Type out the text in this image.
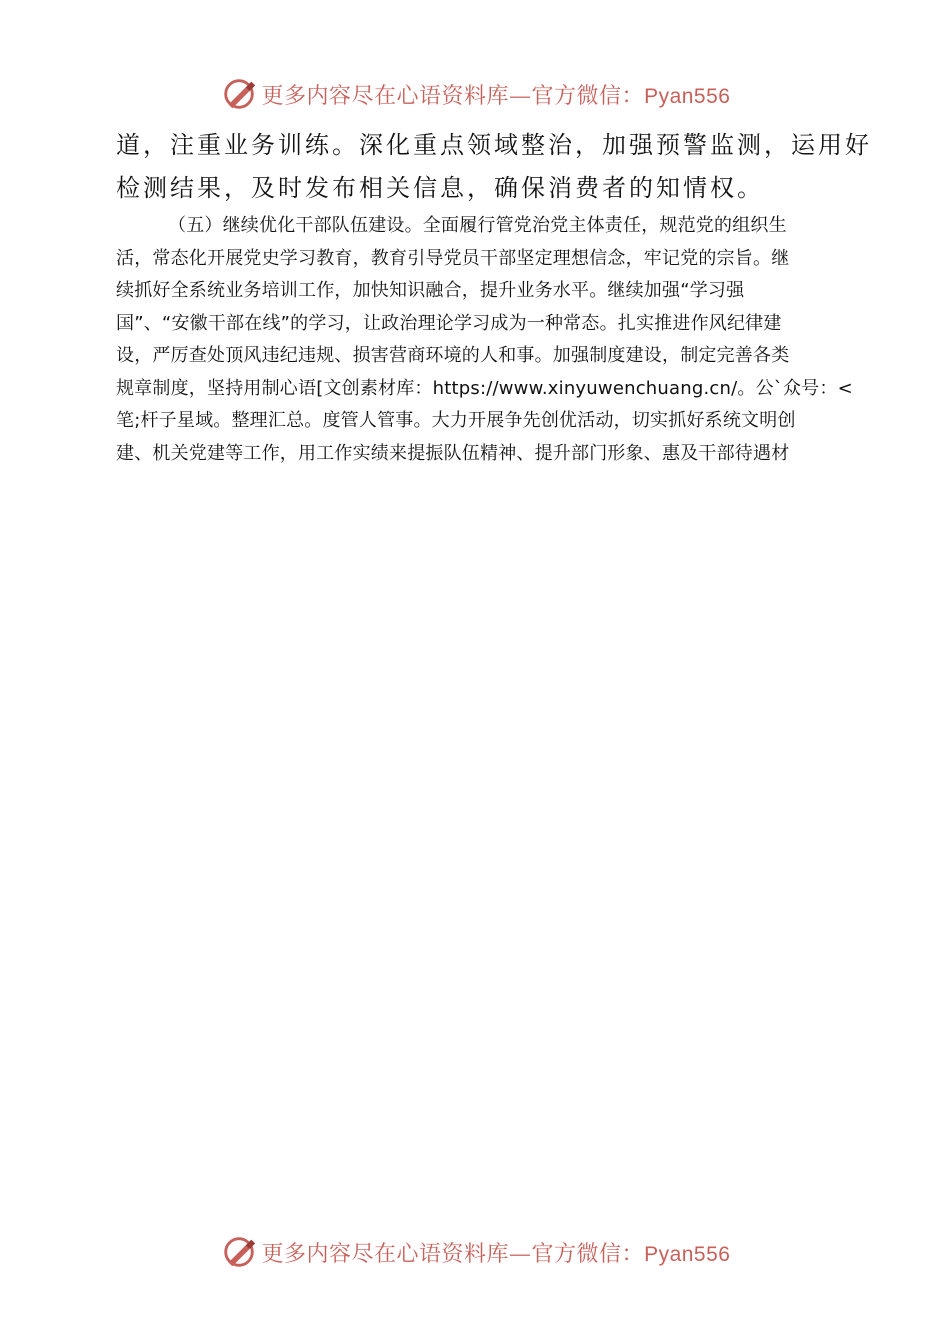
更多内容尽在心语资料库—官方微信：Pyan556

道，注重业务训练。深化重点领域整治，加强预警监测，运用好

检测结果，及时发布相关信息，确保消费者的知情权。

（五）继续优化干部队伍建设。全面履行管党治党主体责任，规范党的组织生
活，常态化开展党史学习教育，教育引导党员干部坚定理想信念，牢记党的宗旨。继
续抓好全系统业务培训工作，加快知识融合，提升业务水平。继续加强“学习强
国”、“安徽干部在线”的学习，让政治理论学习成为一种常态。扎实推进作风纪律建
设，严厉查处顶风违纪违规、损害营商环境的人和事。加强制度建设，制定完善各类
规章制度，坚持用制心语[文创素材库：https://www.xinyuwenchuang.cn/。公`众号：<
笔;杆子星域。整理汇总。度管人管事。大力开展争先创优活动，切实抓好系统文明创
建、机关党建等工作，用工作实绩来提振队伍精神、提升部门形象、惠及干部待遇材
更多内容尽在心语资料库—官方微信：Pyan556
